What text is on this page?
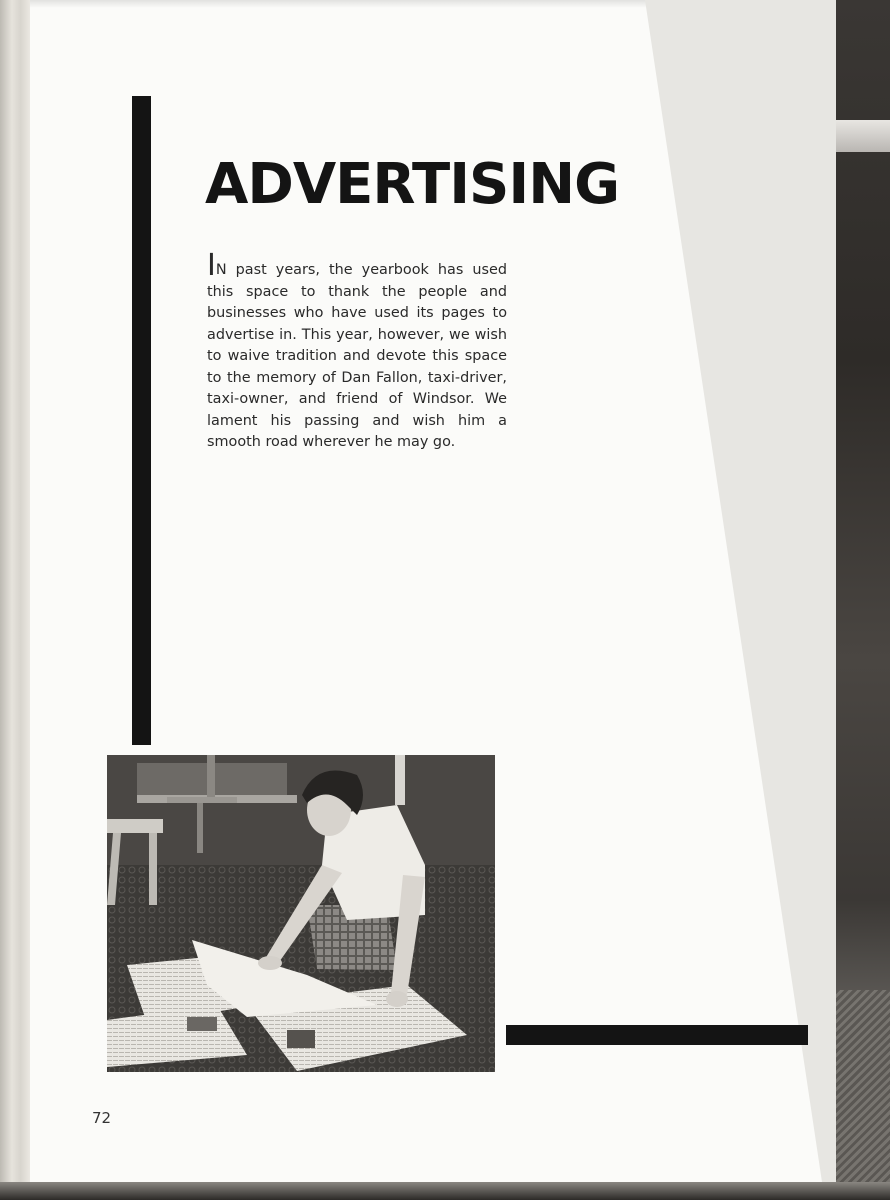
ADVERTISING
IN past years, the yearbook has used this space to thank the people and businesses who have used its pages to advertise in. This year, however, we wish to waive tradition and devote this space to the memory of Dan Fallon, taxi-driver, taxi-owner, and friend of Windsor. We lament his passing and wish him a smooth road wherever he may go.
72
